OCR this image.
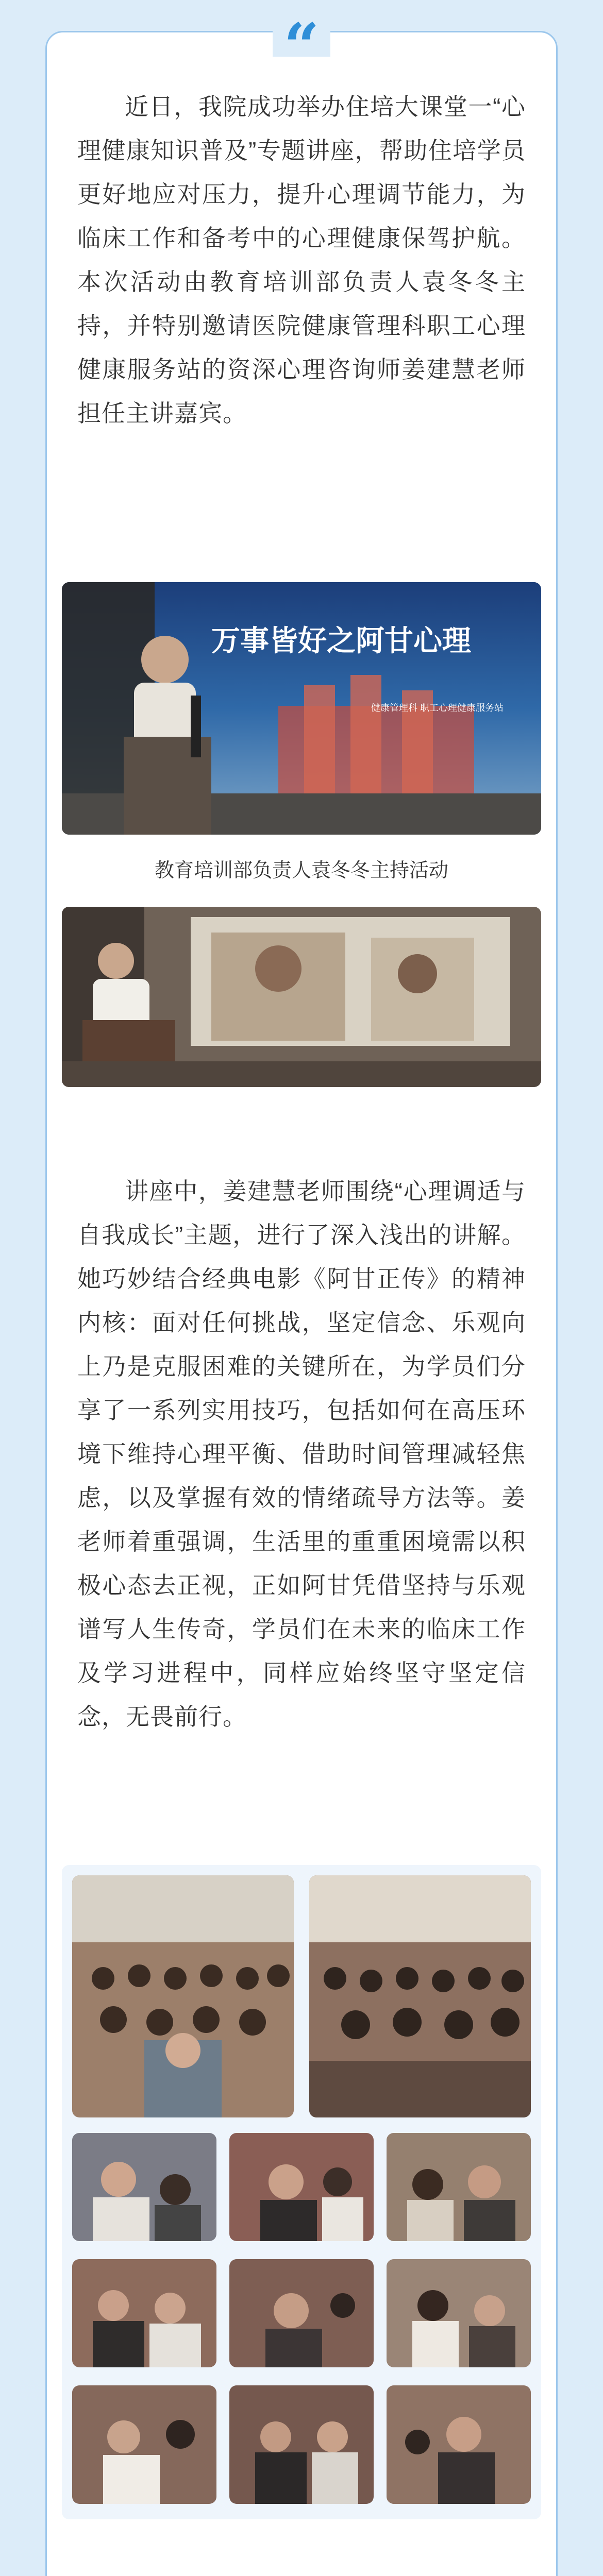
“

近日，我院成功举办住培大课堂一“心理健康知识普及”专题讲座，帮助住培学员更好地应对压力，提升心理调节能力，为临床工作和备考中的心理健康保驾护航。本次活动由教育培训部负责人袁冬冬主持，并特别邀请医院健康管理科职工心理健康服务站的资深心理咨询师姜建慧老师担任主讲嘉宾。

万事皆好之阿甘心理
健康管理科 职工心理健康服务站
教育培训部负责人袁冬冬主持活动

讲座中，姜建慧老师围绕“心理调适与自我成长”主题，进行了深入浅出的讲解。她巧妙结合经典电影《阿甘正传》的精神内核：面对任何挑战，坚定信念、乐观向上乃是克服困难的关键所在，为学员们分享了一系列实用技巧，包括如何在高压环境下维持心理平衡、借助时间管理减轻焦虑，以及掌握有效的情绪疏导方法等。姜老师着重强调，生活里的重重困境需以积极心态去正视，正如阿甘凭借坚持与乐观谱写人生传奇，学员们在未来的临床工作及学习进程中，同样应始终坚守坚定信念，无畏前行。
